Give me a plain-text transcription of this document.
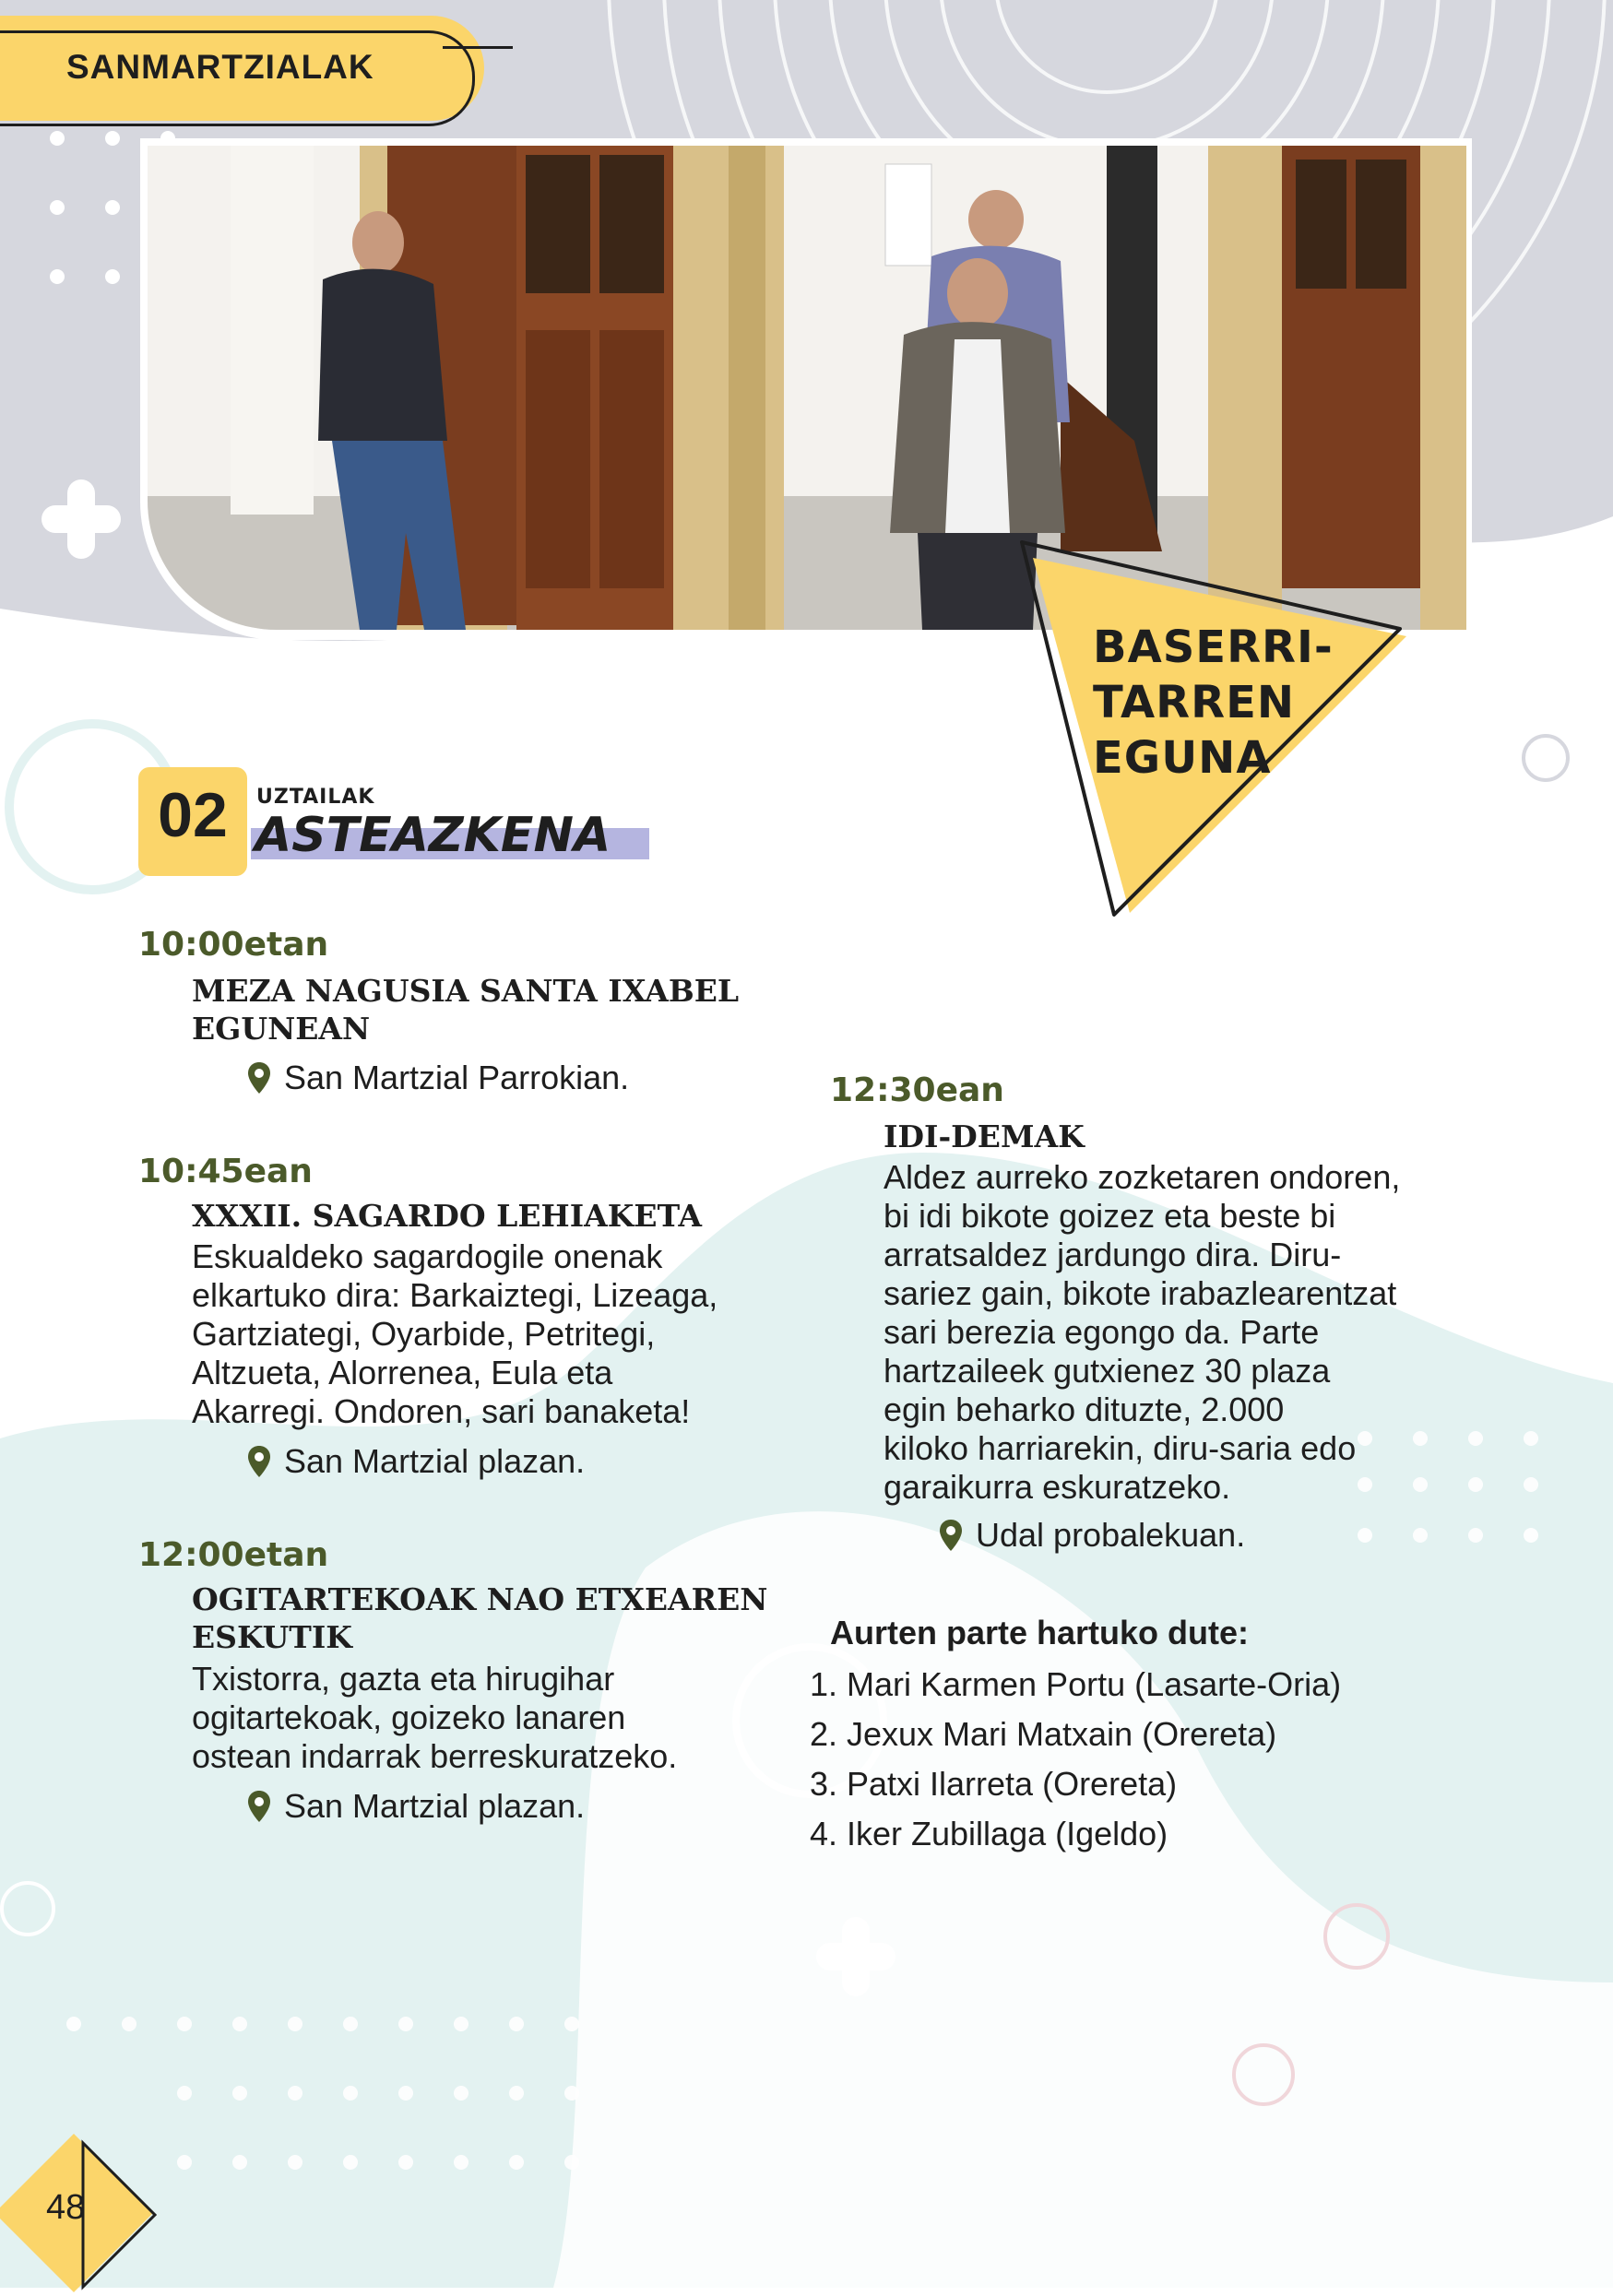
SANMARTZIALAK
BASERRI-
TARREN
EGUNA
02	UZTAILAK
ASTEAZKENA
10:00etan
MEZA NAGUSIA SANTA IXABEL
EGUNEAN
San Martzial Parrokian.
10:45ean
XXXII. SAGARDO LEHIAKETA
Eskualdeko sagardogile onenak
elkartuko dira: Barkaiztegi, Lizeaga,
Gartziategi, Oyarbide, Petritegi,
Altzueta, Alorrenea, Eula eta
Akarregi. Ondoren, sari banaketa!
San Martzial plazan.
12:00etan
OGITARTEKOAK NAO ETXEAREN
ESKUTIK
Txistorra, gazta eta hirugihar
ogitartekoak, goizeko lanaren
ostean indarrak berreskuratzeko.
San Martzial plazan.
12:30ean
IDI-DEMAK
Aldez aurreko zozketaren ondoren,
bi idi bikote goizez eta beste bi
arratsaldez jardungo dira. Diru-
sariez gain, bikote irabazlearentzat
sari berezia egongo da. Parte
hartzaileek gutxienez 30 plaza
egin beharko dituzte, 2.000
kiloko harriarekin, diru-saria edo
garaikurra eskuratzeko.
Udal probalekuan.
Aurten parte hartuko dute:
1. Mari Karmen Portu (Lasarte-Oria)
2. Jexux Mari Matxain (Orereta)
3. Patxi Ilarreta (Orereta)
4. Iker Zubillaga (Igeldo)
48
